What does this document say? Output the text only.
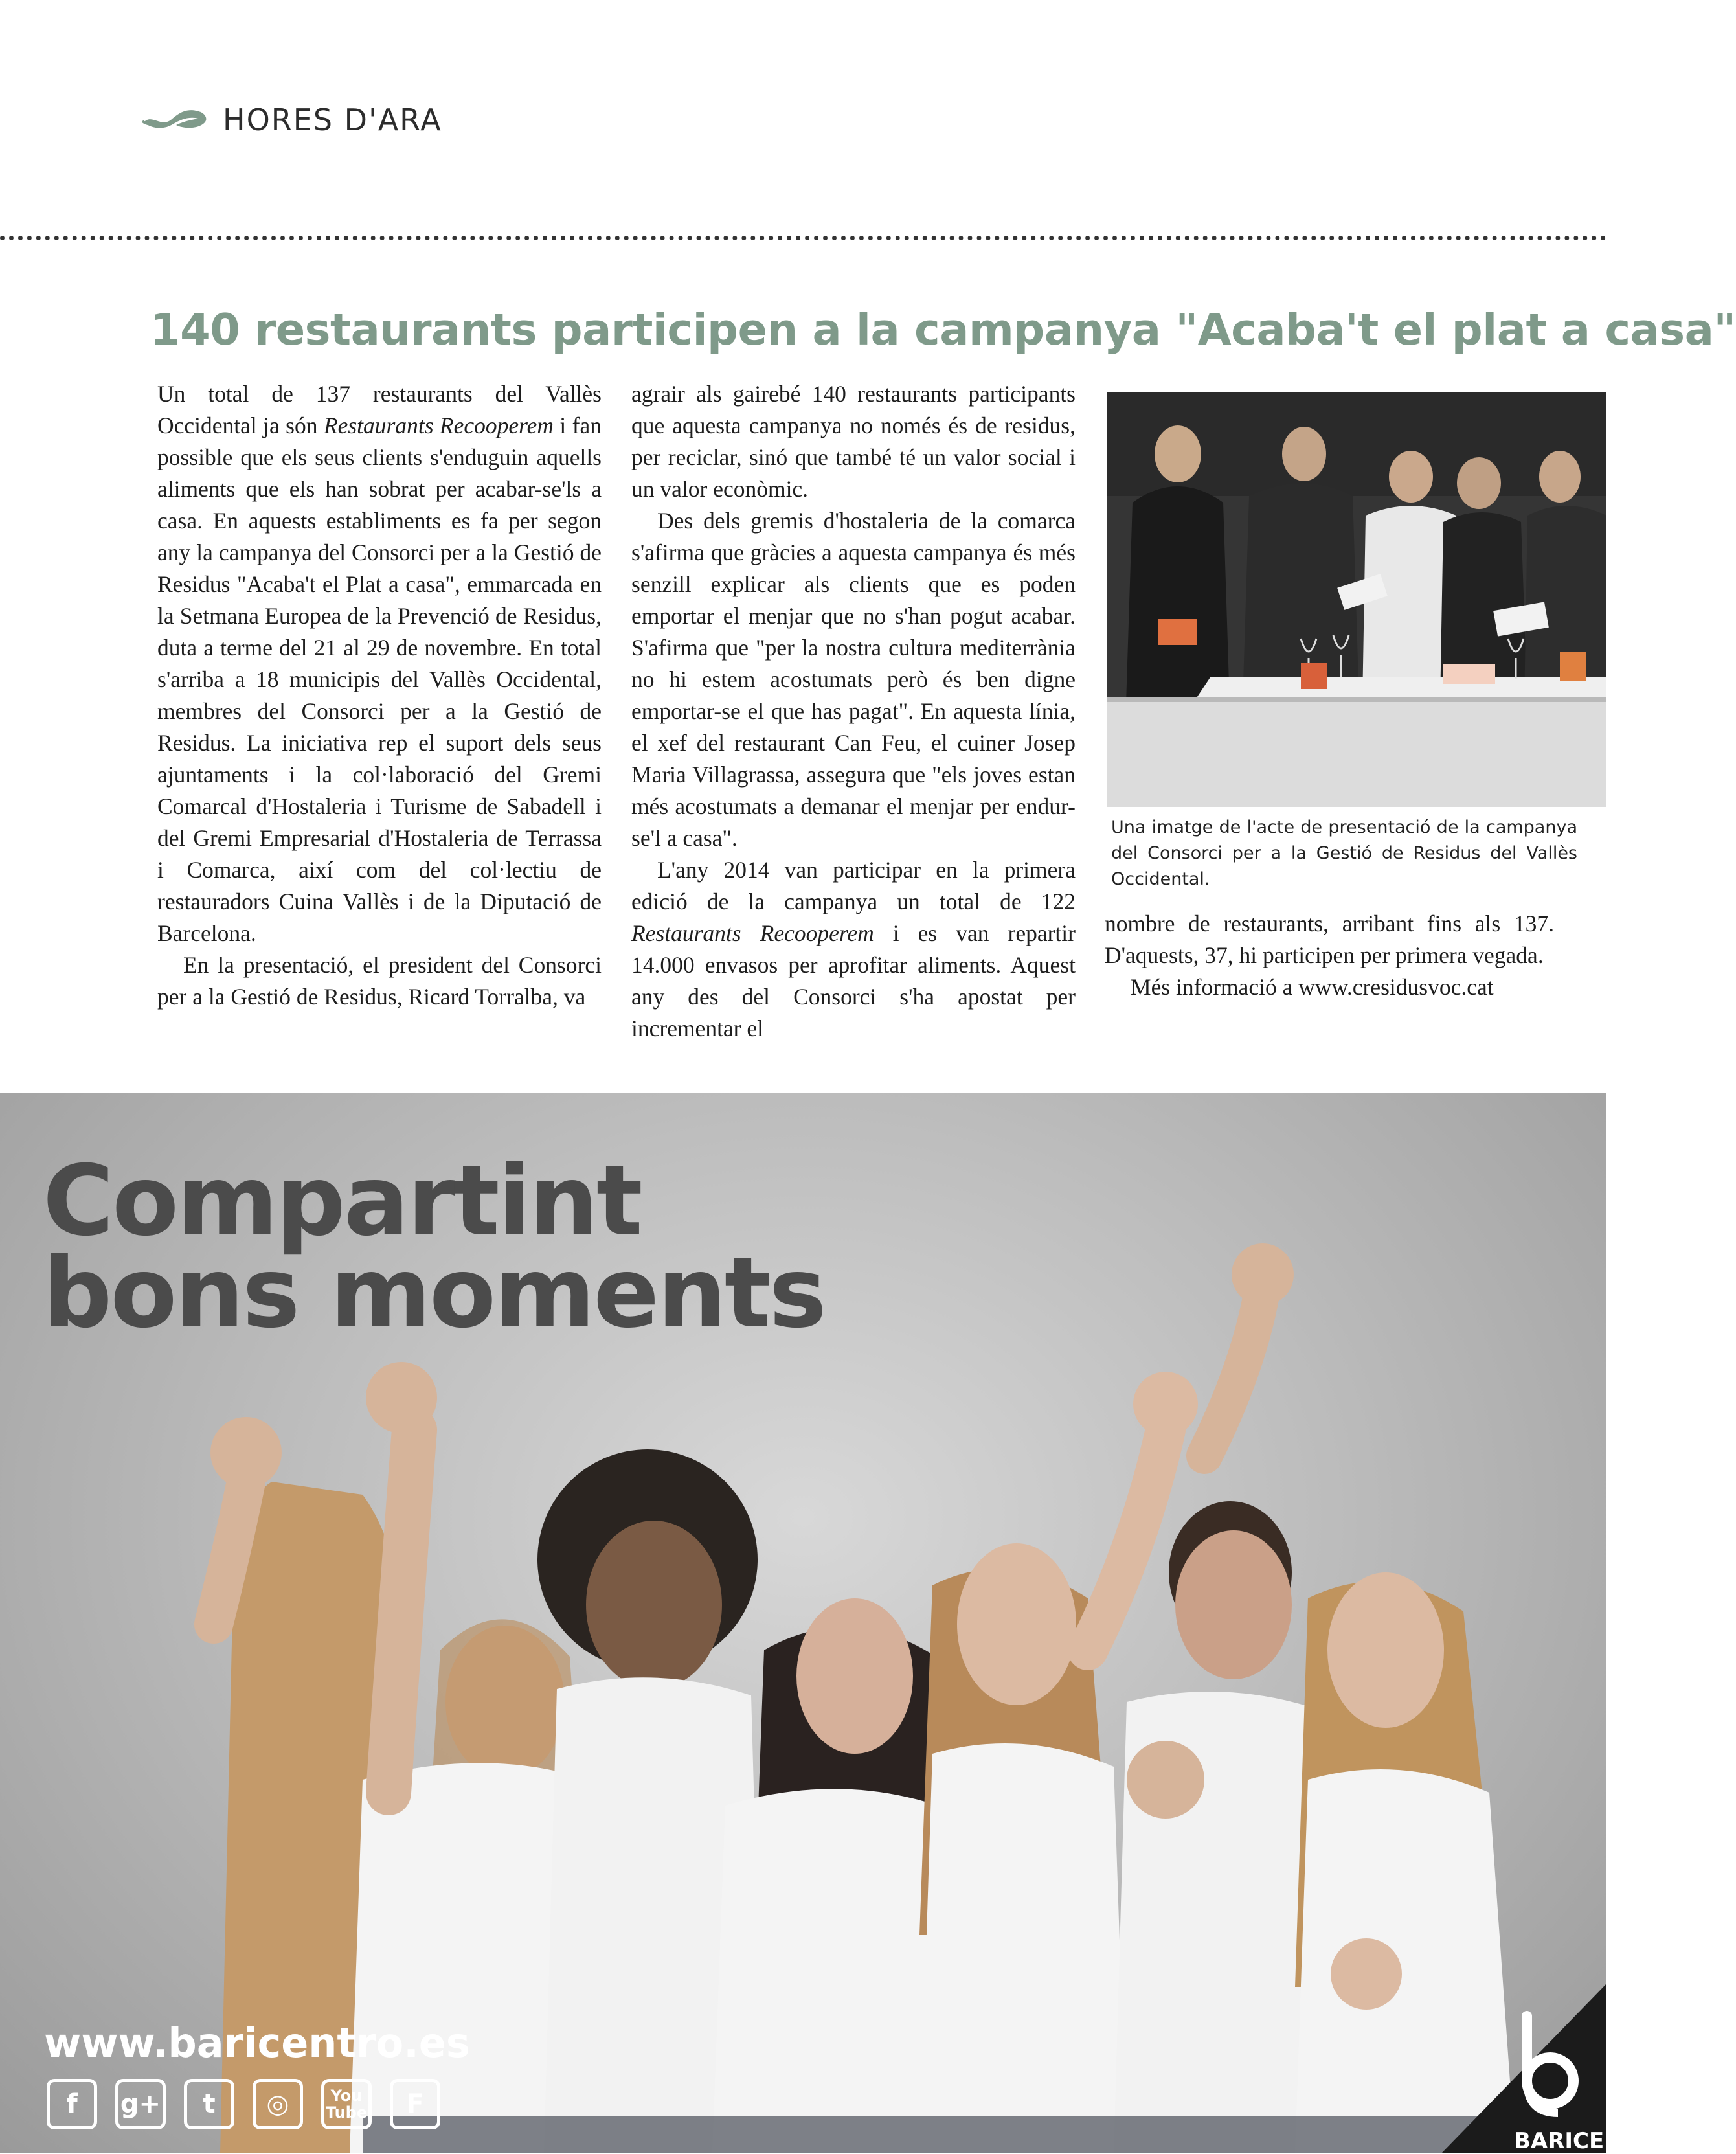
HORES D'ARA
140 restaurants participen a la campanya "Acaba't el plat a casa"

Un total de 137 restaurants del Vallès Occidental ja són Restaurants Recooperem i fan possible que els seus clients s'enduguin aquells aliments que els han sobrat per acabar-se'ls a casa. En aquests establiments es fa per segon any la campanya del Consorci per a la Gestió de Residus "Acaba't el Plat a casa", emmarcada en la Setmana Europea de la Prevenció de Residus, duta a terme del 21 al 29 de novembre. En total s'arriba a 18 municipis del Vallès Occidental, membres del Consorci per a la Gestió de Residus. La iniciativa rep el suport dels seus ajuntaments i la col·laboració del Gremi Comarcal d'Hostaleria i Turisme de Sabadell i del Gremi Empresarial d'Hostaleria de Terrassa i Comarca, així com del col·lectiu de restauradors Cuina Vallès i de la Diputació de Barcelona.

En la presentació, el president del Consorci per a la Gestió de Residus, Ricard Torralba, va

agrair als gairebé 140 restaurants participants que aquesta campanya no només és de residus, per reciclar, sinó que també té un valor social i un valor econòmic.

Des dels gremis d'hostaleria de la comarca s'afirma que gràcies a aquesta campanya és més senzill explicar als clients que es poden emportar el menjar que no s'han pogut acabar. S'afirma que "per la nostra cultura mediterrània no hi estem acostumats però és ben digne emportar-se el que has pagat". En aquesta línia, el xef del restaurant Can Feu, el cuiner Josep Maria Villagrassa, assegura que "els joves estan més acostumats a demanar el menjar per endur-se'l a casa".

L'any 2014 van participar en la primera edició de la campanya un total de 122 Restaurants Recooperem i es van repartir 14.000 envasos per aprofitar aliments. Aquest any des del Consorci s'ha apostat per incrementar el

Una imatge de l'acte de presentació de la campanya del Consorci per a la Gestió de Residus del Vallès Occidental.

nombre de restaurants, arribant fins als 137. D'aquests, 37, hi participen per primera vegada.

Més informació a www.cresidusvoc.cat

Compartint
bons moments
www.baricentro.es
f	g+	t	◎	You Tube	F
BARICENT
